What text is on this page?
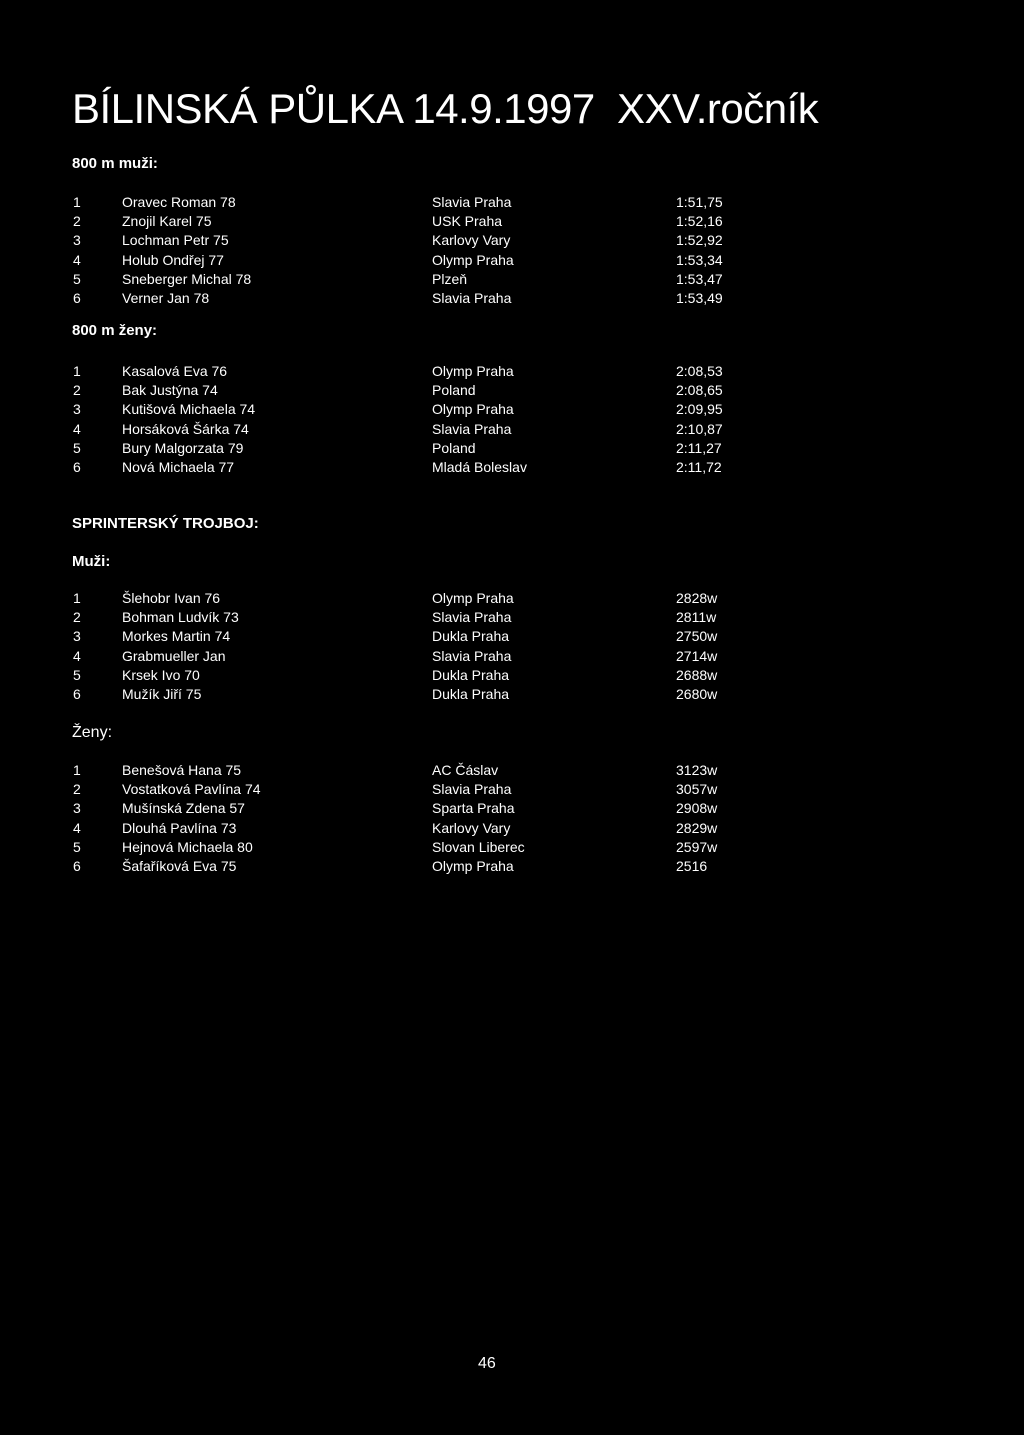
BÍLINSKÁ PŮLKA 14.9.1997  XXV.ročník
800 m muži:
1	Oravec Roman 78	Slavia Praha	1:51,75
2	Znojil Karel 75	USK Praha	1:52,16
3	Lochman Petr 75	Karlovy Vary	1:52,92
4	Holub Ondřej 77	Olymp Praha	1:53,34
5	Sneberger Michal 78	Plzeň	1:53,47
6	Verner Jan 78	Slavia Praha	1:53,49
800 m ženy:
1	Kasalová Eva 76	Olymp Praha	2:08,53
2	Bak Justýna 74	Poland	2:08,65
3	Kutišová Michaela 74	Olymp Praha	2:09,95
4	Horsáková Šárka 74	Slavia Praha	2:10,87
5	Bury Malgorzata 79	Poland	2:11,27
6	Nová Michaela 77	Mladá Boleslav	2:11,72
SPRINTERSKÝ TROJBOJ:
Muži:
1	Šlehobr Ivan 76	Olymp Praha	2828w
2	Bohman Ludvík 73	Slavia Praha	2811w
3	Morkes Martin 74	Dukla Praha	2750w
4	Grabmueller Jan	Slavia Praha	2714w
5	Krsek Ivo 70	Dukla Praha	2688w
6	Mužík Jiří 75	Dukla Praha	2680w
Ženy:
1	Benešová Hana 75	AC Čáslav	3123w
2	Vostatková Pavlína 74	Slavia Praha	3057w
3	Mušínská Zdena 57	Sparta Praha	2908w
4	Dlouhá Pavlína 73	Karlovy Vary	2829w
5	Hejnová Michaela 80	Slovan Liberec	2597w
6	Šafaříková Eva 75	Olymp Praha	2516
46
